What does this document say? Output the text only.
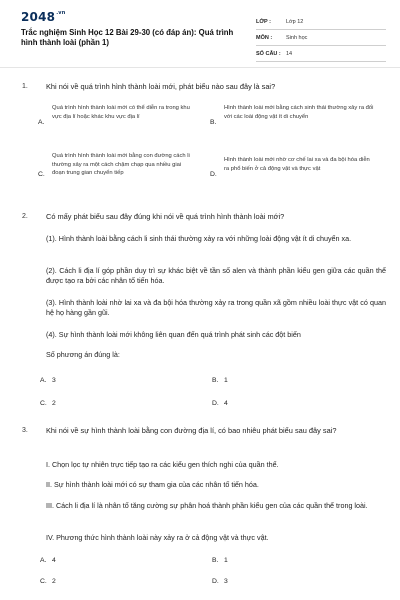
$2048^{.vn}$
Trắc nghiệm Sinh Học 12 Bài 29-30 (có đáp án): Quá trình hình thành loài (phần 1)
LỚP :	Lớp 12
MÔN :	Sinh học
SỐ CÂU : 14
1.	Khi nói về quá trình hình thành loài mới, phát biểu nào sau đây là sai?
A.
Quá trình hình thành loài mới có thể diễn ra trong khu vực địa lí hoặc khác khu vực địa lí
B.
Hình thành loài mới bằng cách sinh thái thường xảy ra đối với các loài động vật ít di chuyển
C.
Quá trình hình thành loài mới bằng con đường cách li thường xảy ra một cách chậm chạp qua nhiều giai đoạn trung gian chuyển tiếp	D.
Hình thành loài mới nhờ cơ chế lai xa và đa bội hóa diễn ra phổ biến ở cả động vật và thực vật
2.	Có mấy phát biểu sau đây đúng khi nói về quá trình hình thành loài mới?
(1). Hình thành loài bằng cách li sinh thái thường xảy ra với những loài động vật ít di chuyển xa.
(2). Cách li địa lí góp phần duy trì sự khác biệt về tần số alen và thành phần kiểu gen giữa các quần thể được tạo ra bởi các nhân tố tiến hóa.
(3). Hình thành loài nhờ lai xa và đa bội hóa thường xảy ra trong quần xã gồm nhiều loài thực vật có quan hệ họ hàng gần gũi.
(4). Sự hình thành loài mới không liên quan đến quá trình phát sinh các đột biến
Số phương án đúng là:
A. 3	B. 1
C. 2	D. 4
3.	Khi nói về sự hình thành loài bằng con đường địa lí, có bao nhiêu phát biểu sau đây sai?
I. Chọn lọc tự nhiên trực tiếp tạo ra các kiểu gen thích nghi của quần thể.
II. Sự hình thành loài mới có sự tham gia của các nhân tố tiến hóa.
III. Cách li địa lí là nhân tố tăng cường sự phân hoá thành phần kiểu gen của các quần thể trong loài.
IV. Phương thức hình thành loài này xảy ra ở cả động vật và thực vật.
A. 4	B. 1
C. 2	D. 3
